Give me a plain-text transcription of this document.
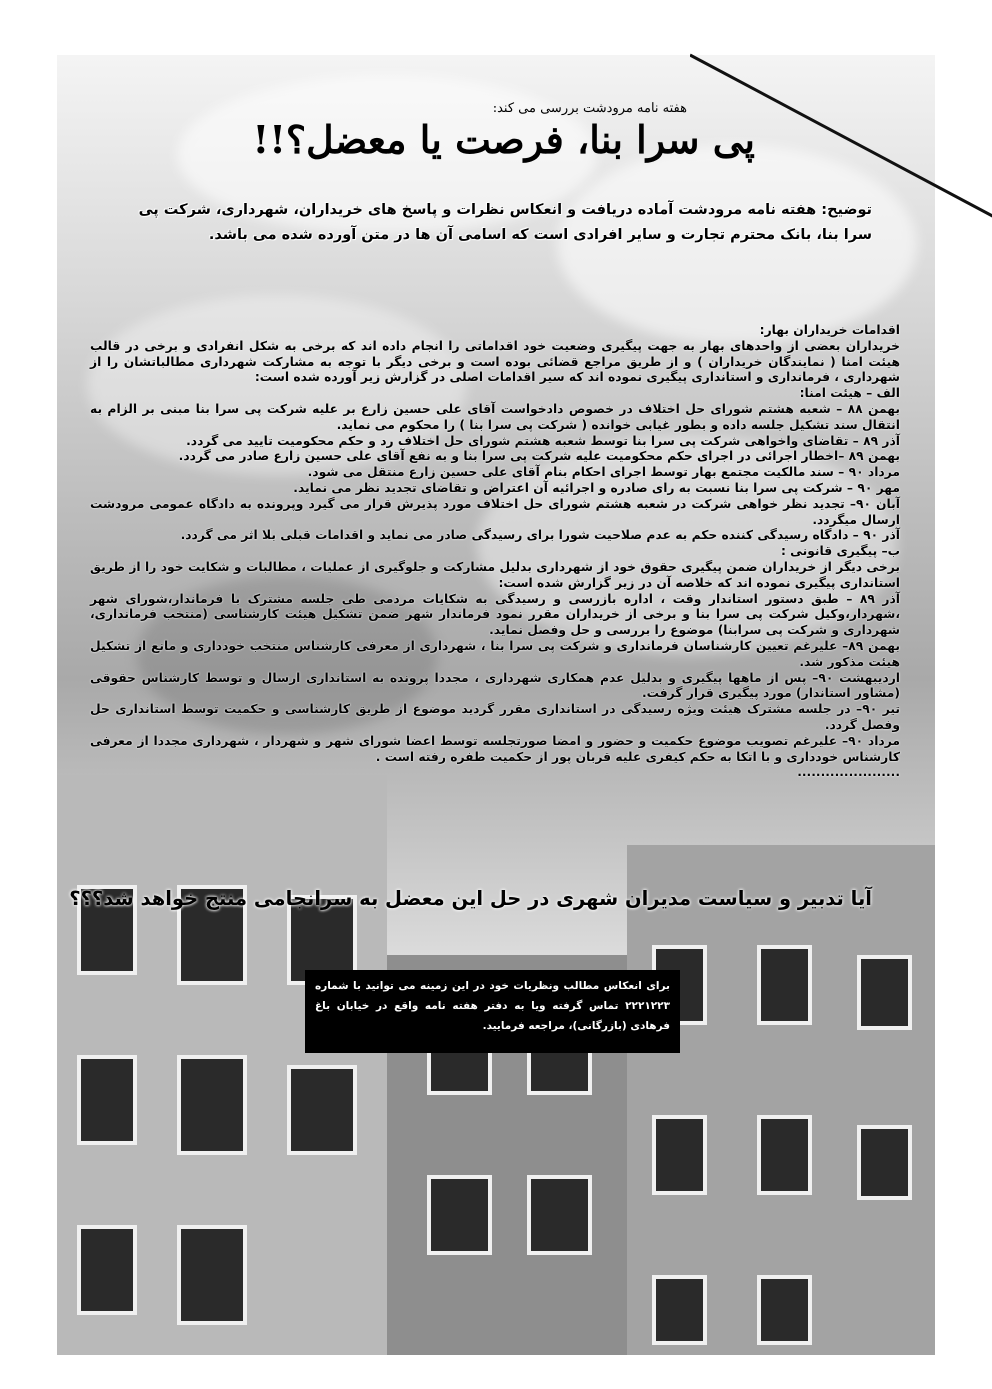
هفته نامه مرودشت بررسی می کند:
پی سرا بنا، فرصت یا معضل؟!!
توضیح: هفته نامه مرودشت آماده دریافت و انعکاس نظرات و پاسخ های خریداران، شهرداری، شرکت پی سرا بنا، بانک محترم تجارت و سایر افرادی است که اسامی آن ها در متن آورده شده می باشد.

اقدامات خریداران بهار:

خریداران بعضی از واحدهای بهار به جهت پیگیری وضعیت خود اقداماتی را انجام داده اند که برخی به شکل انفرادی و برخی در قالب هیئت امنا ( نمایندگان خریداران ) و از طریق مراجع قضائی بوده است و برخی دیگر با توجه به مشارکت شهرداری مطالباتشان را از شهرداری ، فرمانداری و استانداری پیگیری نموده اند که سیر اقدامات اصلی در گزارش زیر آورده شده است:

الف – هیئت امنا:

بهمن ۸۸ – شعبه هشتم شورای حل اختلاف در خصوص دادخواست آقای علی حسین زارع بر علیه شرکت پی سرا بنا مبنی بر الزام به انتقال سند تشکیل جلسه داده و بطور غیابی خوانده ( شرکت پی سرا بنا ) را محکوم می نماید.

آذر ۸۹ – تقاضای واخواهی شرکت پی سرا بنا توسط شعبه هشتم شورای حل اختلاف رد و حکم محکومیت تایید می گردد.

بهمن ۸۹ –اخطار اجرائی در اجرای حکم محکومیت علیه شرکت پی سرا بنا و به نفع آقای علی حسین زارع صادر می گردد.

مرداد ۹۰ – سند مالکیت مجتمع بهار توسط اجرای احکام بنام آقای علی حسین زارع منتقل می شود.

مهر ۹۰ – شرکت پی سرا بنا نسبت به رای صادره و اجرائیه آن اعتراض و تقاضای تجدید نظر می نماید.

آبان ۹۰– تجدید نظر خواهی شرکت در شعبه هشتم شورای حل اختلاف مورد پذیرش قرار می گیرد وپرونده به دادگاه عمومی مرودشت ارسال میگردد.

آذر ۹۰ – دادگاه رسیدگی کننده حکم به عدم صلاحیت شورا برای رسیدگی صادر می نماید و اقدامات قبلی بلا اثر می گردد.

ب– پیگیری قانونی :

برخی دیگر از خریداران ضمن پیگیری حقوق خود از شهرداری بدلیل مشارکت و جلوگیری از عملیات ، مطالبات و شکایت خود را از طریق استانداری پیگیری نموده اند که خلاصه آن در زیر گزارش شده است:

آذر ۸۹ – طبق دستور استاندار وقت ، اداره بازرسی و رسیدگی به شکایات مردمی طی جلسه مشترک با فرماندار،شورای شهر ،شهردار،وکیل شرکت پی سرا بنا و برخی از خریداران مقرر نمود فرماندار شهر ضمن تشکیل هیئت کارشناسی (منتخب فرمانداری، شهرداری و شرکت پی سرابنا) موضوع را بررسی و حل وفصل نماید.

بهمن ۸۹– علیرغم تعیین کارشناسان فرمانداری و شرکت پی سرا بنا ، شهرداری از معرفی کارشناس منتخب خودداری و مانع از تشکیل هیئت مذکور شد.

اردیبهشت ۹۰– پس از ماهها پیگیری و بدلیل عدم همکاری شهرداری ، مجددا پرونده به استانداری ارسال و توسط کارشناس حقوقی (مشاور استاندار) مورد پیگیری قرار گرفت.

تیر ۹۰– در جلسه مشترک هیئت ویژه رسیدگی در استانداری مقرر گردید موضوع از طریق کارشناسی و حکمیت توسط استانداری حل وفصل گردد.

مرداد ۹۰– علیرغم تصویب موضوع حکمیت و حضور و امضا صورتجلسه توسط اعضا شورای شهر و شهردار ، شهرداری مجددا از معرفی کارشناس خودداری و با اتکا به حکم کیفری علیه قربان پور از حکمیت طفره رفته است .

......................

آیا تدبیر و سیاست مدیران شهری در حل این معضل به سرانجامی منتج خواهد شد؟؟؟
برای انعکاس مطالب ونظریات خود در این زمینه می توانید با شماره ۲۲۲۱۲۲۳ تماس گرفته ویا به دفتر هفته نامه واقع در خیابان باغ فرهادی (بازرگانی)، مراجعه فرمایید.
